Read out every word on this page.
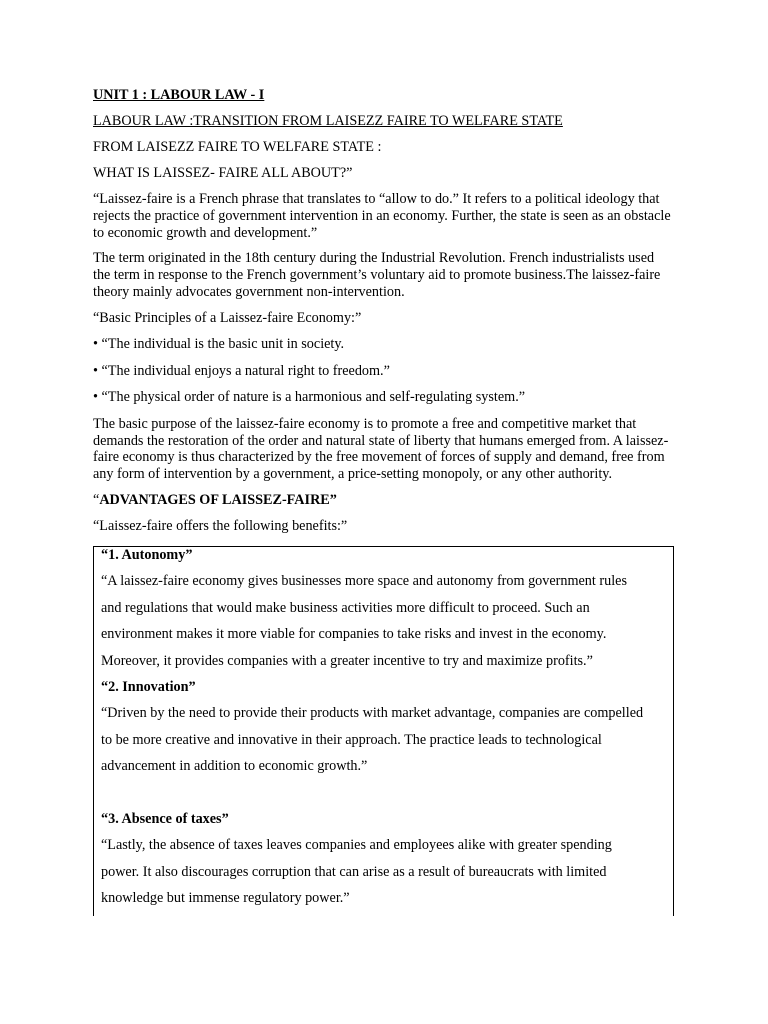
UNIT 1 : LABOUR LAW - I

LABOUR LAW :TRANSITION FROM LAISEZZ FAIRE TO WELFARE STATE

FROM LAISEZZ FAIRE TO WELFARE STATE :

WHAT IS LAISSEZ- FAIRE ALL ABOUT?”

“Laissez-faire is a French phrase that translates to “allow to do.” It refers to a political ideology that
rejects the practice of government intervention in an economy. Further, the state is seen as an obstacle
to economic growth and development.”
The term originated in the 18th century during the Industrial Revolution. French industrialists used
the term in response to the French government’s voluntary aid to promote business.The laissez-faire
theory mainly advocates government non-intervention.

“Basic Principles of a Laissez-faire Economy:”

• “The individual is the basic unit in society.

• “The individual enjoys a natural right to freedom.”

• “The physical order of nature is a harmonious and self-regulating system.”

The basic purpose of the laissez-faire economy is to promote a free and competitive market that
demands the restoration of the order and natural state of liberty that humans emerged from. A laissez-
faire economy is thus characterized by the free movement of forces of supply and demand, free from
any form of intervention by a government, a price-setting monopoly, or any other authority.

“ADVANTAGES OF LAISSEZ-FAIRE”

“Laissez-faire offers the following benefits:”

“1. Autonomy”

“A laissez-faire economy gives businesses more space and autonomy from government rules

and regulations that would make business activities more difficult to proceed. Such an

environment makes it more viable for companies to take risks and invest in the economy.

Moreover, it provides companies with a greater incentive to try and maximize profits.”

“2. Innovation”

“Driven by the need to provide their products with market advantage, companies are compelled

to be more creative and innovative in their approach. The practice leads to technological

advancement in addition to economic growth.”

“3. Absence of taxes”

“Lastly, the absence of taxes leaves companies and employees alike with greater spending

power. It also discourages corruption that can arise as a result of bureaucrats with limited

knowledge but immense regulatory power.”
